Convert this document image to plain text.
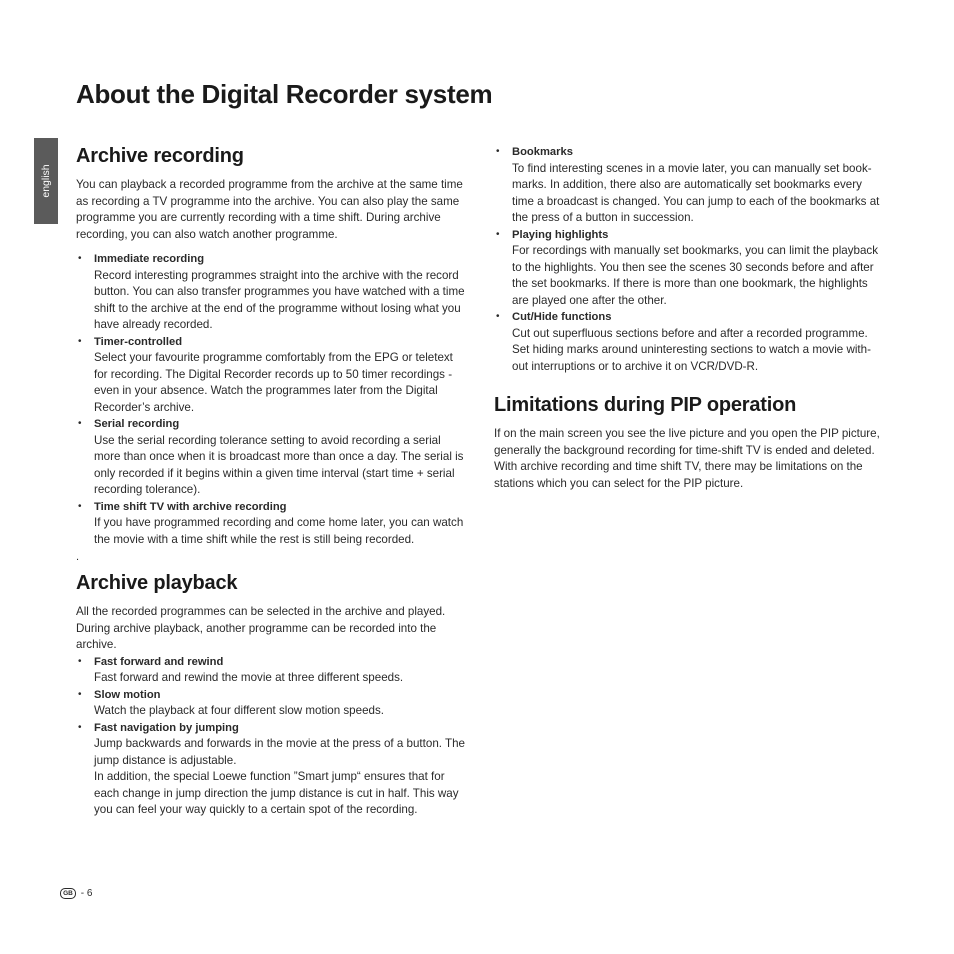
About the Digital Recorder system
english
Archive recording

You can playback a recorded programme from the archive at the same time as recording a TV programme into the archive. You can also play the same programme you are currently recording with a time shift. During archive recording, you can also watch another programme.

• Immediate recording
Record interesting programmes straight into the archive with the record button. You can also transfer programmes you have watched with a time shift to the archive at the end of the programme without losing what you have already recorded.
• Timer-controlled
Select your favourite programme comfortably from the EPG or teletext for recording. The Digital Recorder records up to 50 timer recordings - even in your absence. Watch the programmes later from the Digital Recorder’s archive.
• Serial recording
Use the serial recording tolerance setting to avoid recording a serial more than once when it is broadcast more than once a day. The serial is only recorded if it begins within a given time interval (start time + serial recording tolerance).
• Time shift TV with archive recording
If you have programmed recording and come home later, you can watch the movie with a time shift while the rest is still being recorded.
.
Archive playback

All the recorded programmes can be selected in the archive and played. During archive playback, another programme can be recorded into the archive.

• Fast forward and rewind
Fast forward and rewind the movie at three different speeds.
• Slow motion
Watch the playback at four different slow motion speeds.
• Fast navigation by jumping
Jump backwards and forwards in the movie at the press of a button. The jump distance is adjustable.
In addition, the special Loewe function ”Smart jump“ ensures that for each change in jump direction the jump distance is cut in half. This way you can feel your way quickly to a certain spot of the recording.
• Bookmarks
To find interesting scenes in a movie later, you can manually set book-marks. In addition, there also are automatically set bookmarks every time a broadcast is changed. You can jump to each of the bookmarks at the press of a button in succession.
• Playing highlights
For recordings with manually set bookmarks, you can limit the playback to the highlights. You then see the scenes 30 seconds before and after the set bookmarks. If there is more than one bookmark, the highlights are played one after the other.
• Cut/Hide functions
Cut out superfluous sections before and after a recorded programme. Set hiding marks around uninteresting sections to watch a movie with-out interruptions or to archive it on VCR/DVD-R.
Limitations during PIP operation

If on the main screen you see the live picture and you open the PIP picture, generally the background recording for time-shift TV is ended and deleted. With archive recording and time shift TV, there may be limitations on the stations which you can select for the PIP picture.

GB - 6
